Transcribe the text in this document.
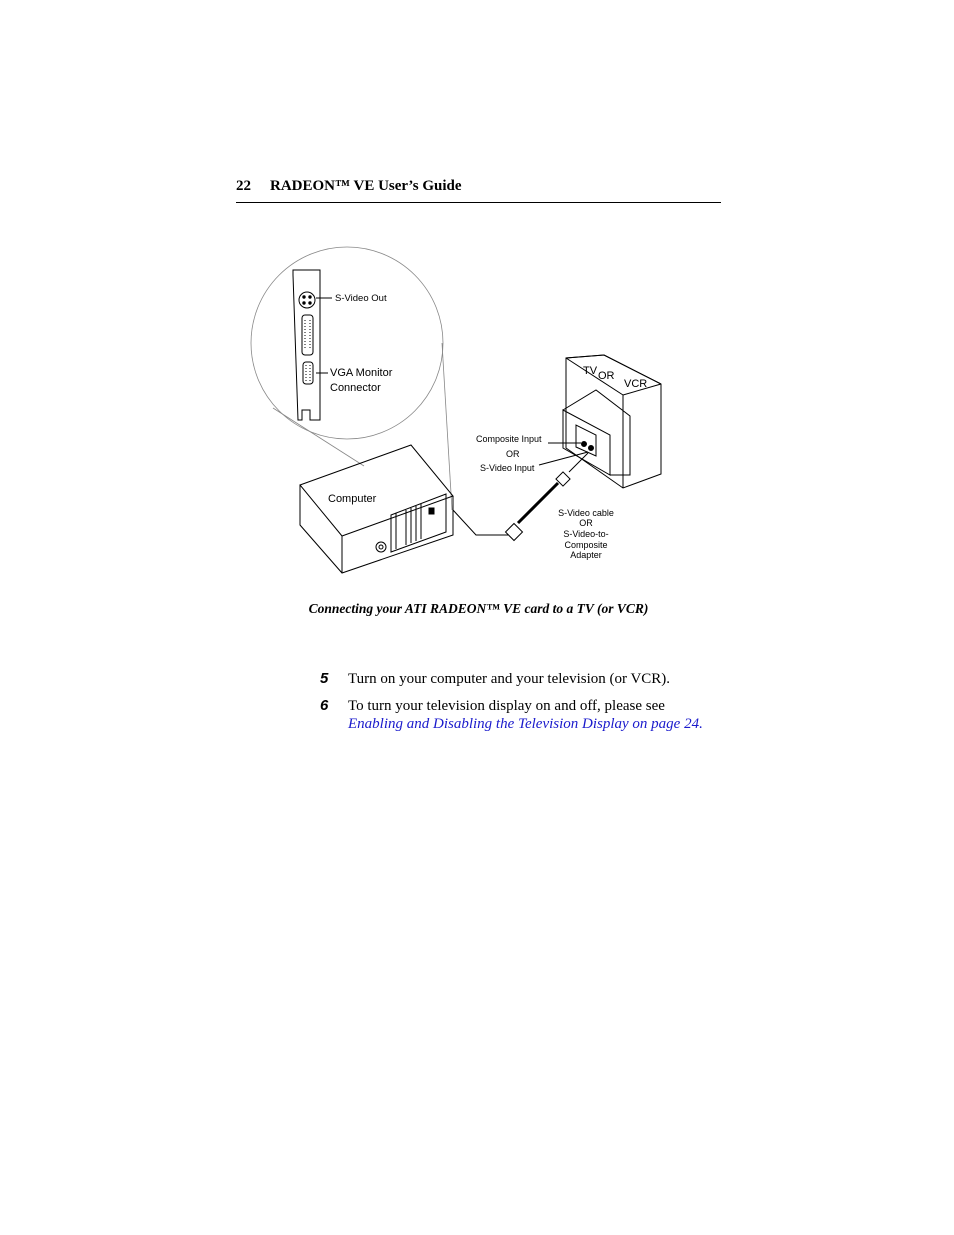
22 RADEON™ VE User’s Guide
S-Video Out
VGA Monitor
Connector
Computer
TV OR
VCR
Composite Input
OR
S-Video Input
S-Video cable
OR
S-Video-to-
Composite
Adapter
Connecting your ATI RADEON™ VE card to a TV (or VCR)
5 Turn on your computer and your television (or VCR).
6 To turn your television display on and off, please see
Enabling and Disabling the Television Display on page 24.
